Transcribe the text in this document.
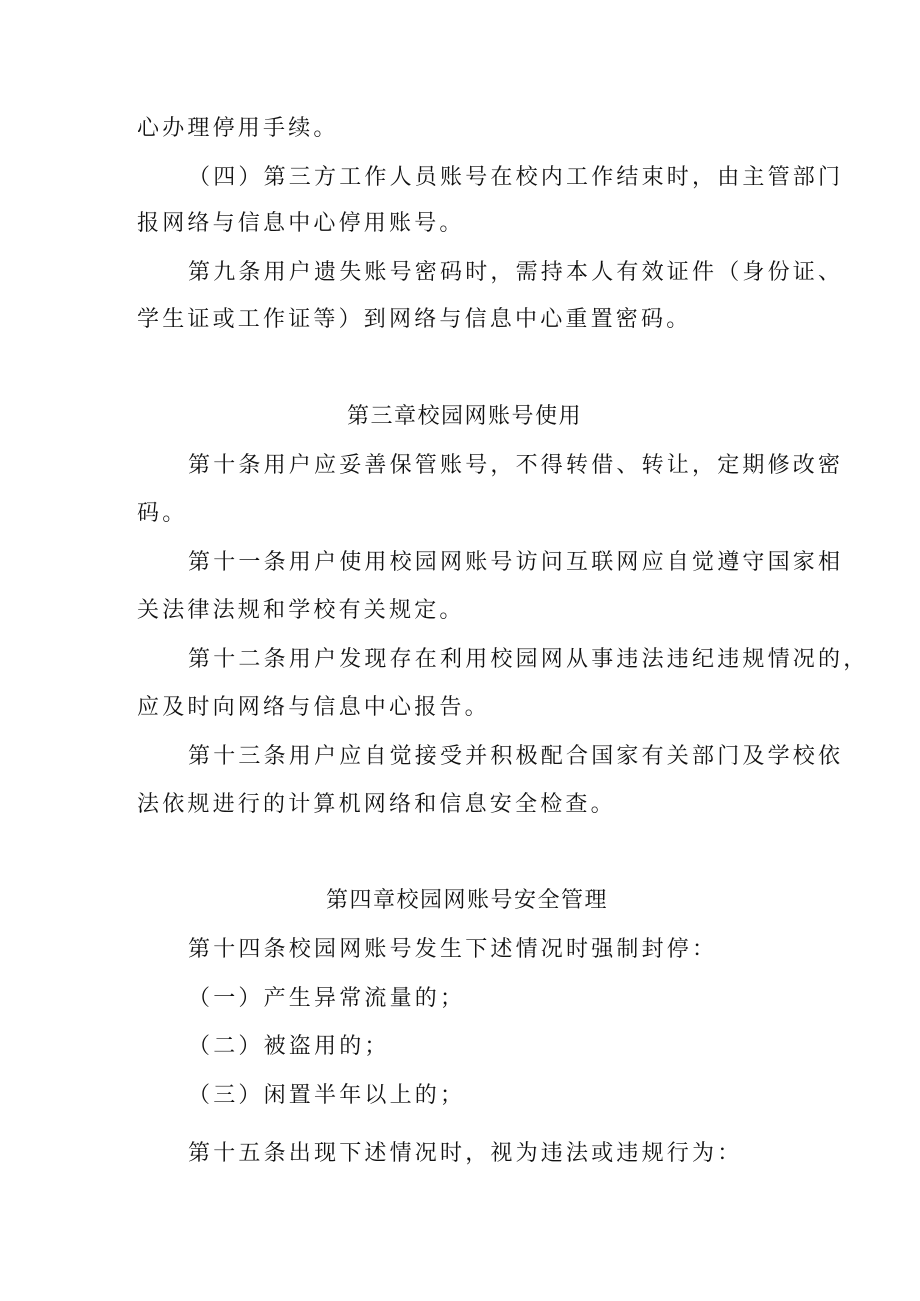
心办理停用手续。
（四）第三方工作人员账号在校内工作结束时，由主管部门
报网络与信息中心停用账号。
第九条用户遗失账号密码时，需持本人有效证件（身份证、
学生证或工作证等）到网络与信息中心重置密码。
第三章校园网账号使用
第十条用户应妥善保管账号，不得转借、转让，定期修改密
码。
第十一条用户使用校园网账号访问互联网应自觉遵守国家相
关法律法规和学校有关规定。
第十二条用户发现存在利用校园网从事违法违纪违规情况的，
应及时向网络与信息中心报告。
第十三条用户应自觉接受并积极配合国家有关部门及学校依
法依规进行的计算机网络和信息安全检查。
第四章校园网账号安全管理
第十四条校园网账号发生下述情况时强制封停：
（一）产生异常流量的；
（二）被盗用的；
（三）闲置半年以上的；
第十五条出现下述情况时，视为违法或违规行为：
